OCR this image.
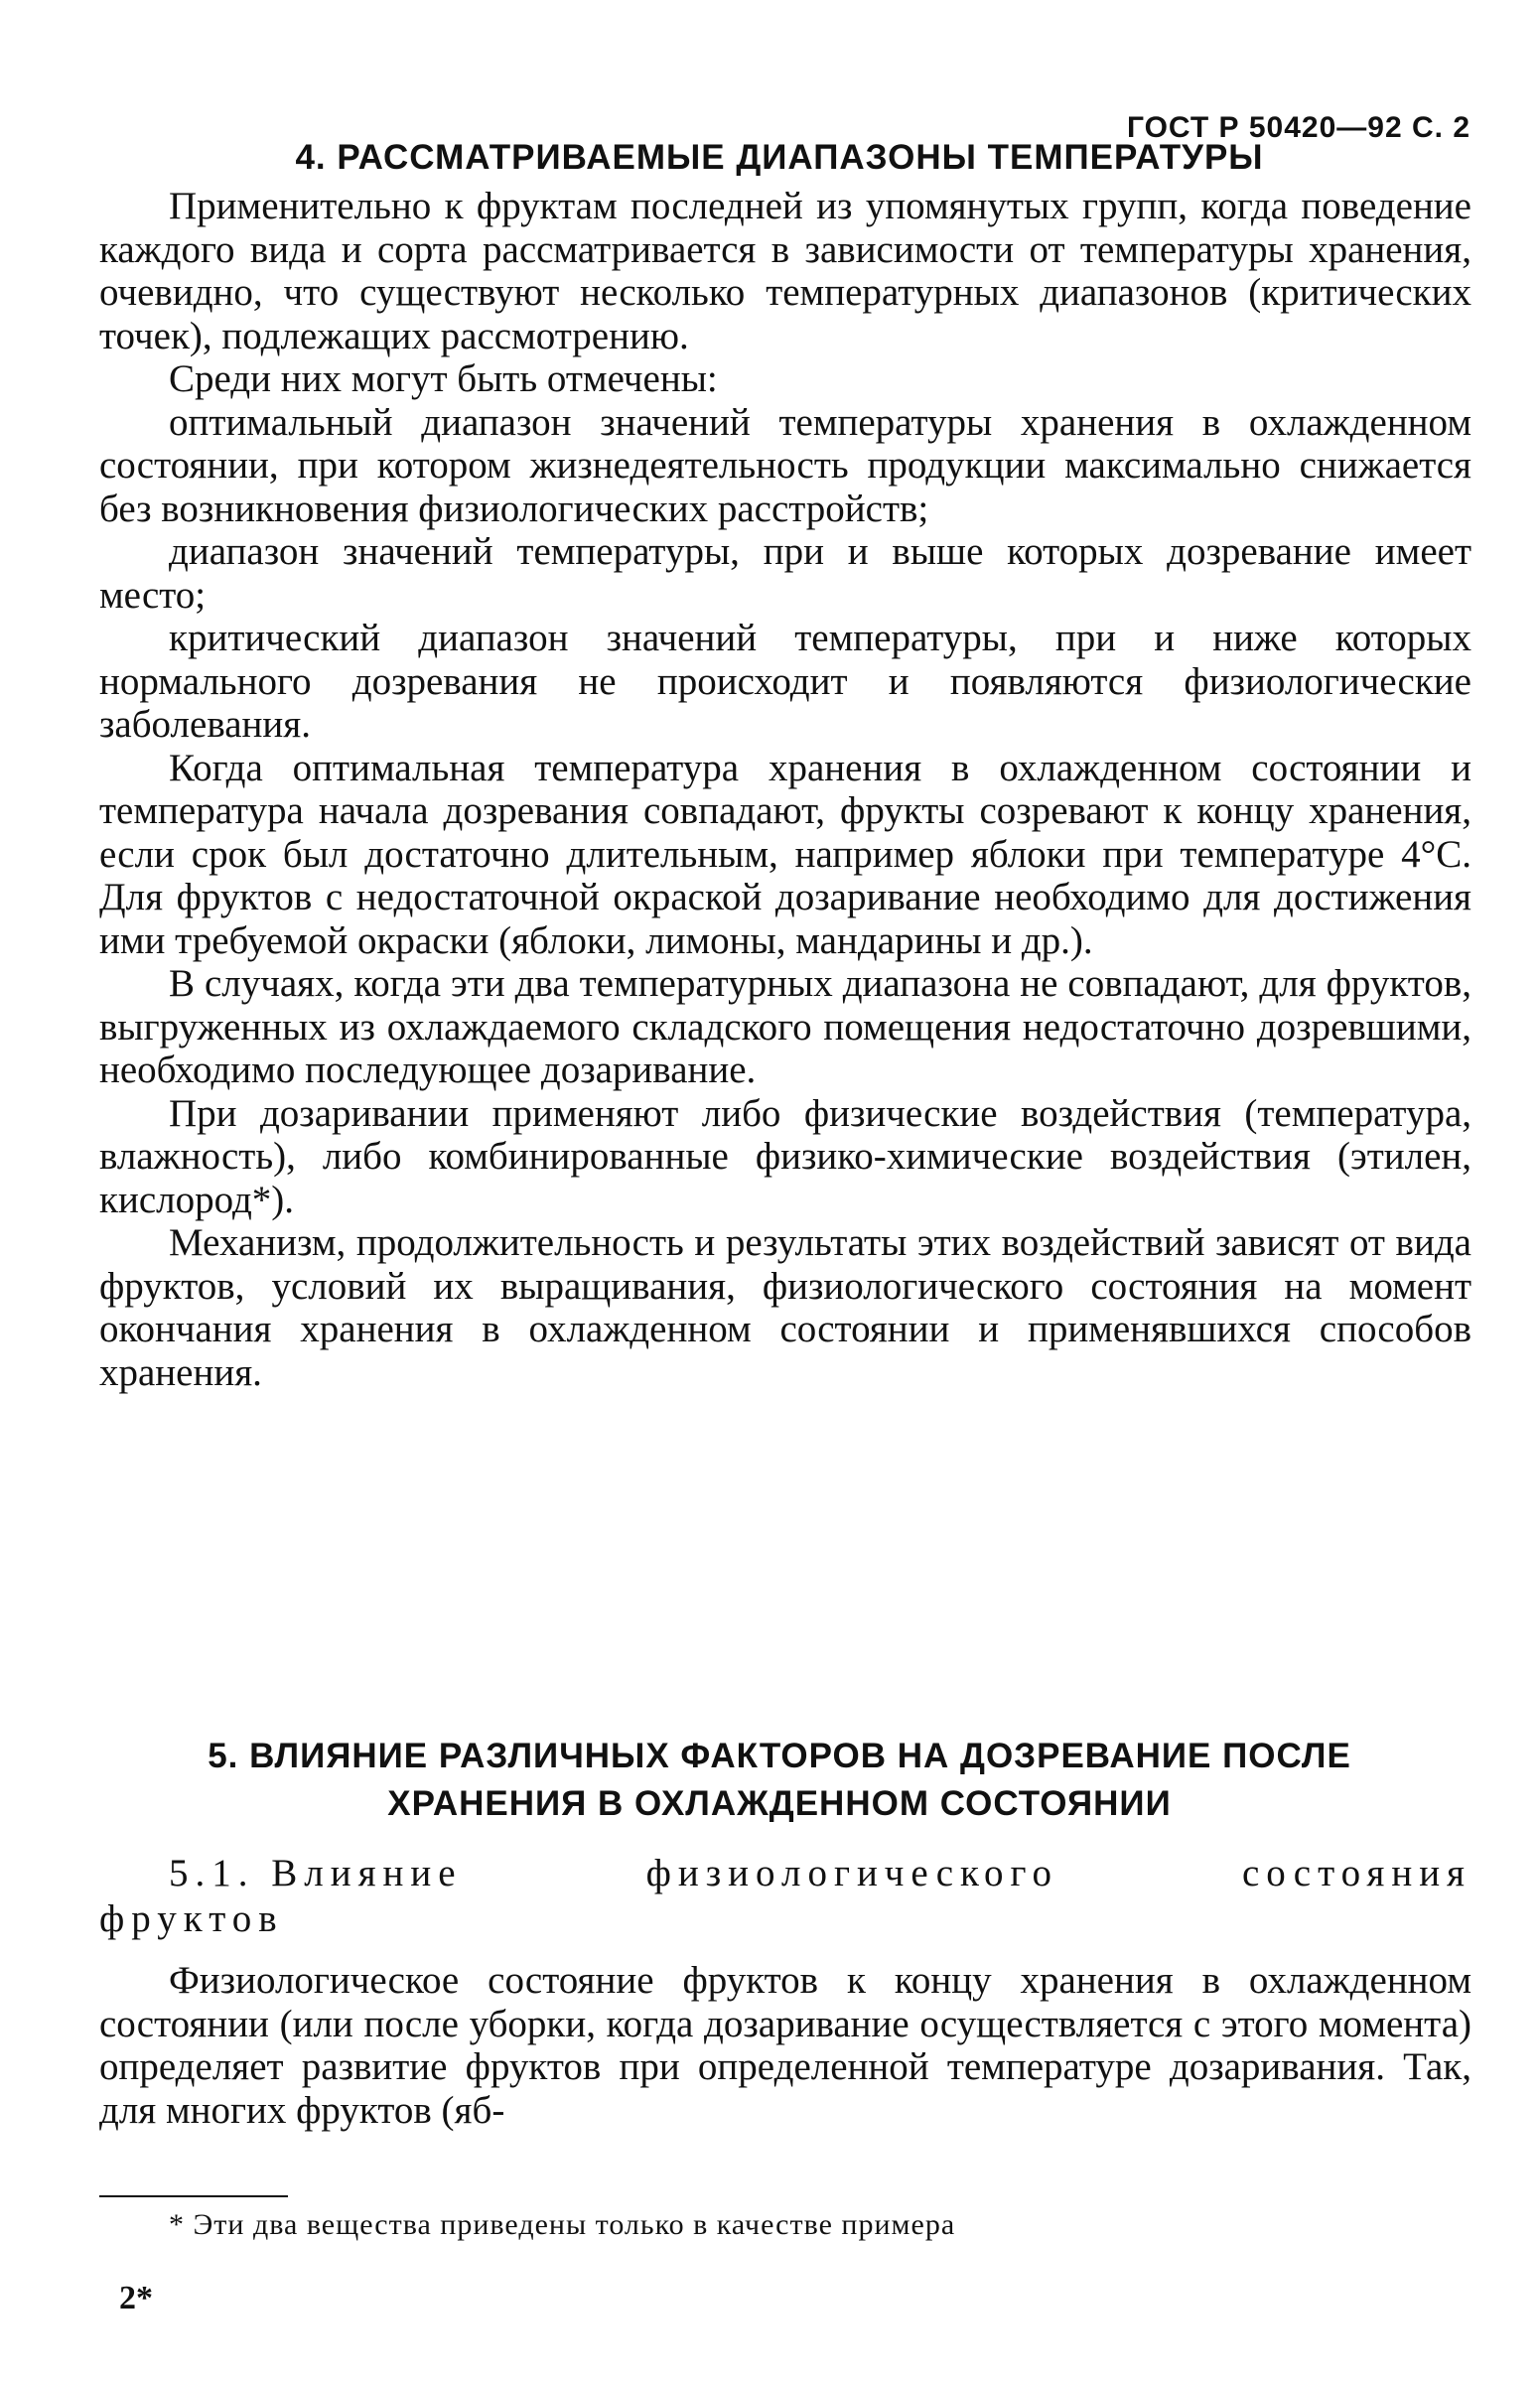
ГОСТ Р 50420—92 С. 2
4. РАССМАТРИВАЕМЫЕ ДИАПАЗОНЫ ТЕМПЕРАТУРЫ

Применительно к фруктам последней из упомянутых групп, когда поведение каждого вида и сорта рассматривается в зависимости от температуры хранения, очевидно, что существуют несколько температурных диапазонов (критических точек), подлежащих рассмотрению.

Среди них могут быть отмечены:

оптимальный диапазон значений температуры хранения в охлажденном состоянии, при котором жизнедеятельность продукции максимально снижается без возникновения физиологических расстройств;

диапазон значений температуры, при и выше которых дозревание имеет место;

критический диапазон значений температуры, при и ниже которых нормального дозревания не происходит и появляются физиологические заболевания.

Когда оптимальная температура хранения в охлажденном состоянии и температура начала дозревания совпадают, фрукты созревают к концу хранения, если срок был достаточно длительным, например яблоки при температуре 4°С. Для фруктов с недостаточной окраской дозаривание необходимо для достижения ими требуемой окраски (яблоки, лимоны, мандарины и др.).

В случаях, когда эти два температурных диапазона не совпадают, для фруктов, выгруженных из охлаждаемого складского помещения недостаточно дозревшими, необходимо последующее дозаривание.

При дозаривании применяют либо физические воздействия (температура, влажность), либо комбинированные физико-химические воздействия (этилен, кислород*).

Механизм, продолжительность и результаты этих воздействий зависят от вида фруктов, условий их выращивания, физиологического состояния на момент окончания хранения в охлажденном состоянии и применявшихся способов хранения.

5. ВЛИЯНИЕ РАЗЛИЧНЫХ ФАКТОРОВ НА ДОЗРЕВАНИЕ ПОСЛЕ
ХРАНЕНИЯ В ОХЛАЖДЕННОМ СОСТОЯНИИ
5.1. Влияние	физиологического	состояния
фруктов

Физиологическое состояние фруктов к концу хранения в охлажденном состоянии (или после уборки, когда дозаривание осуществляется с этого момента) определяет развитие фруктов при определенной температуре дозаривания. Так, для многих фруктов (яб-

* Эти два вещества приведены только в качестве примера
2*
